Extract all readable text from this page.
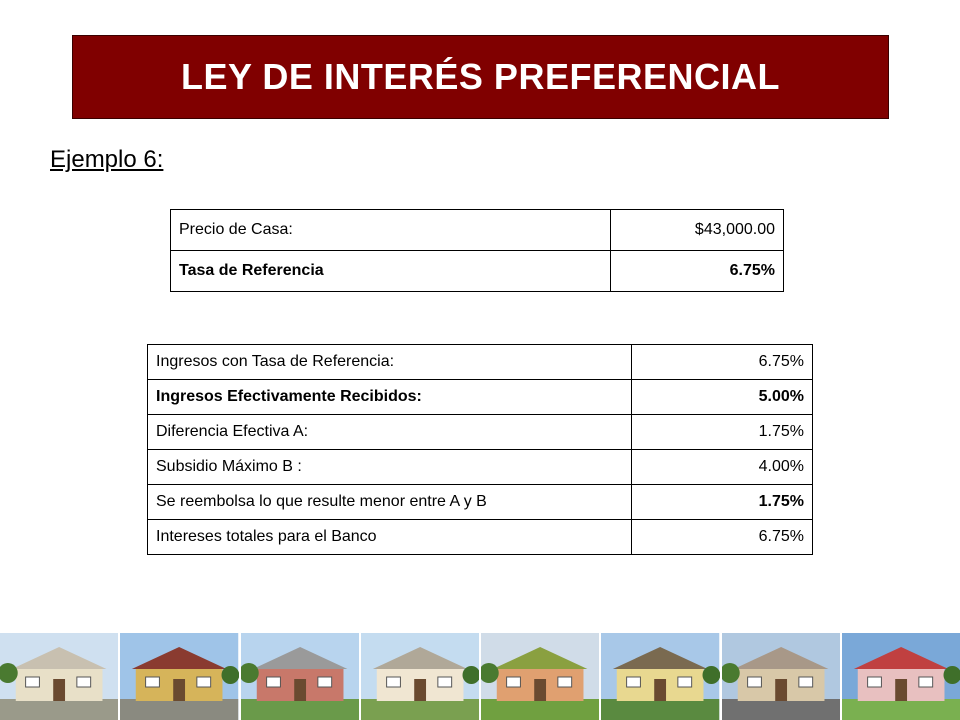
LEY DE INTERÉS PREFERENCIAL
Ejemplo 6:
Precio de Casa:	$43,000.00
Tasa de Referencia	6.75%
Ingresos con Tasa de Referencia:	6.75%
Ingresos Efectivamente Recibidos:	5.00%
Diferencia Efectiva A:	1.75%
Subsidio Máximo B :	4.00%
Se reembolsa lo que resulte menor entre A y B	1.75%
Intereses totales para el Banco	6.75%
